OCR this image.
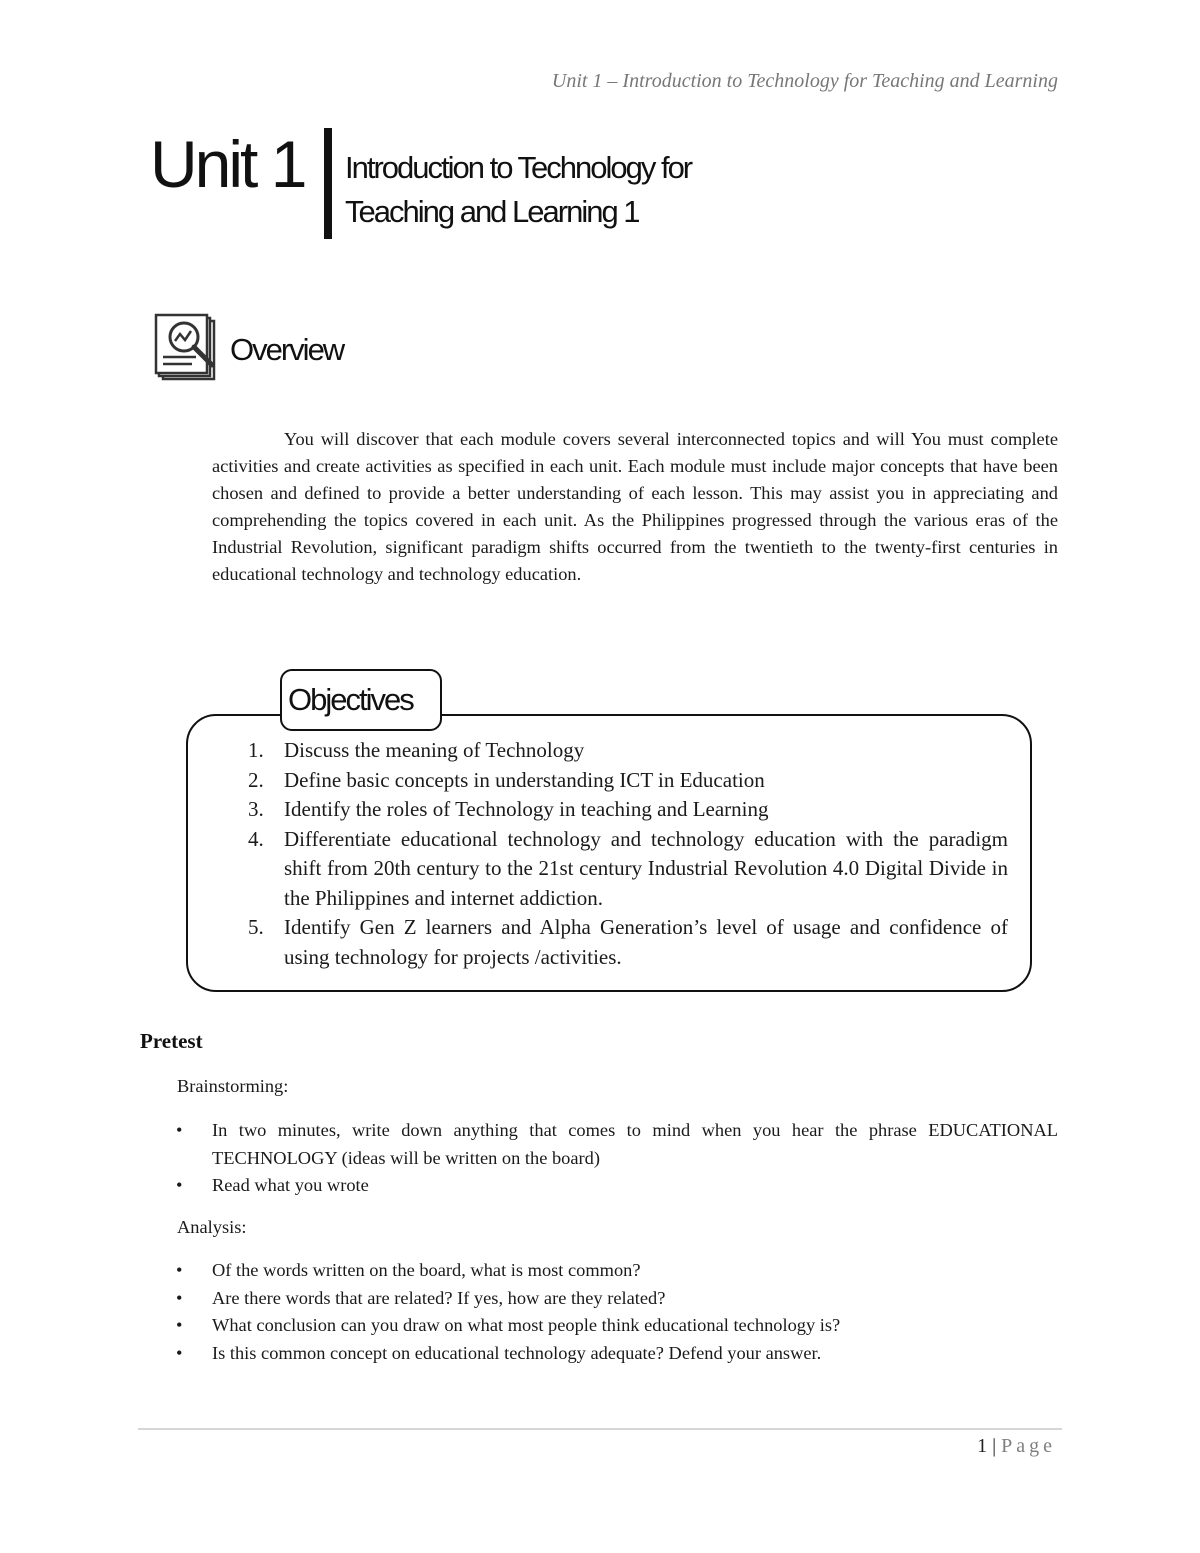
Unit 1 – Introduction to Technology for Teaching and Learning
Unit 1 Introduction to Technology for
Teaching and Learning 1
Overview

You will discover that each module covers several interconnected topics and will You must complete activities and create activities as specified in each unit. Each module must include major concepts that have been chosen and defined to provide a better understanding of each lesson. This may assist you in appreciating and comprehending the topics covered in each unit. As the Philippines progressed through the various eras of the Industrial Revolution, significant paradigm shifts occurred from the twentieth to the twenty-first centuries in educational technology and technology education.

Objectives
1. Discuss the meaning of Technology
2. Define basic concepts in understanding ICT in Education
3. Identify the roles of Technology in teaching and Learning
4. Differentiate educational technology and technology education with the paradigm shift from 20th century to the 21st century Industrial Revolution 4.0 Digital Divide in the Philippines and internet addiction.
5. Identify Gen Z learners and Alpha Generation’s level of usage and confidence of using technology for projects /activities.
Pretest
Brainstorming:
• In two minutes, write down anything that comes to mind when you hear the phrase EDUCATIONAL TECHNOLOGY (ideas will be written on the board)
• Read what you wrote
Analysis:
• Of the words written on the board, what is most common?
• Are there words that are related? If yes, how are they related?
• What conclusion can you draw on what most people think educational technology is?
• Is this common concept on educational technology adequate? Defend your answer.
1 | Page
